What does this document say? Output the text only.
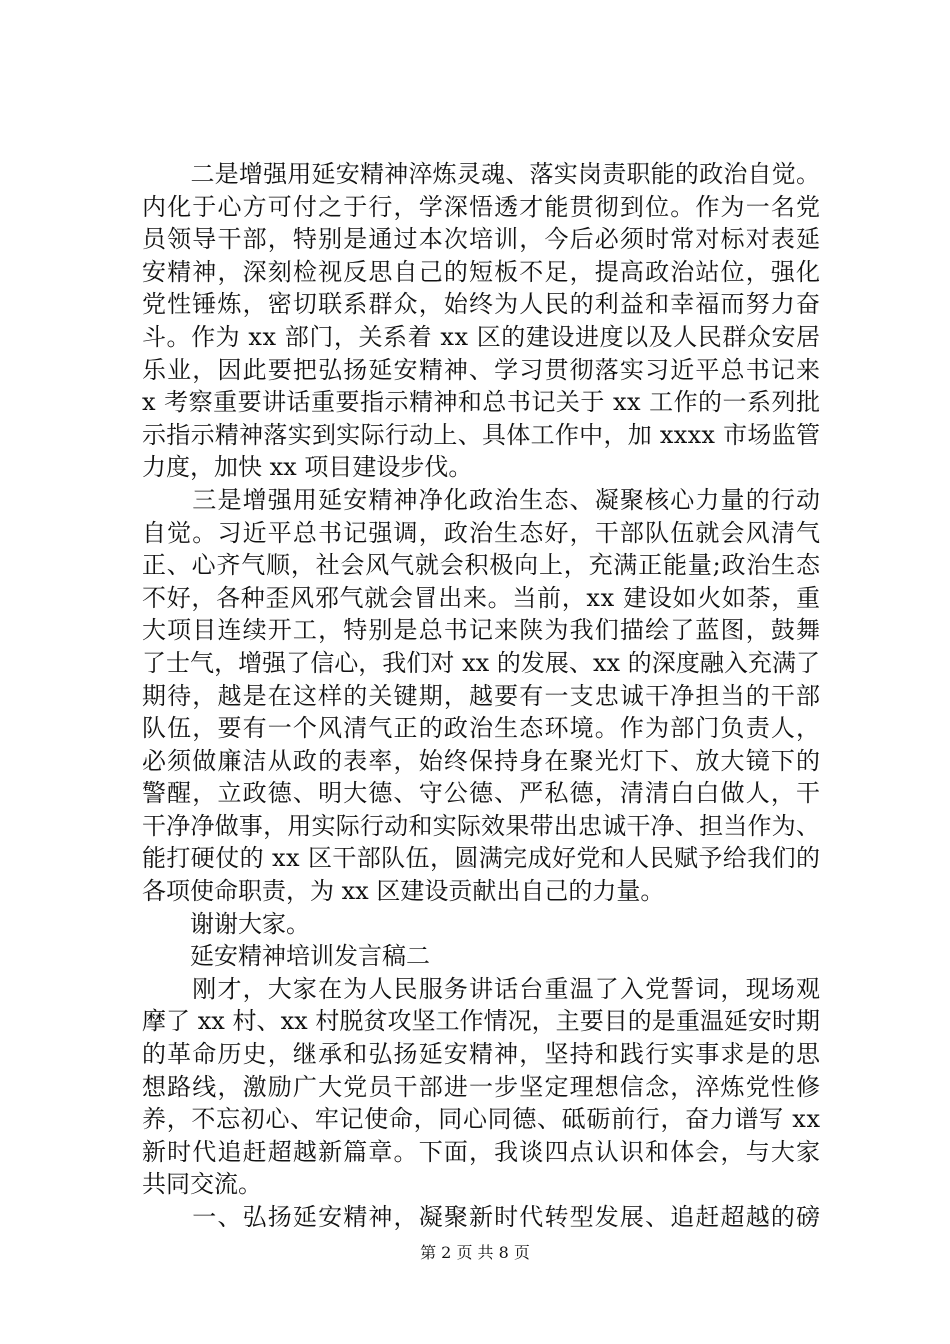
　　二是增强用延安精神淬炼灵魂、落实岗责职能的政治自觉。
内化于心方可付之于行，学深悟透才能贯彻到位。作为一名党
员领导干部，特别是通过本次培训，今后必须时常对标对表延
安精神，深刻检视反思自己的短板不足，提高政治站位，强化
党性锤炼，密切联系群众，始终为人民的利益和幸福而努力奋
斗。作为 xx 部门，关系着 xx 区的建设进度以及人民群众安居
乐业，因此要把弘扬延安精神、学习贯彻落实习近平总书记来
x 考察重要讲话重要指示精神和总书记关于 xx 工作的一系列批
示指示精神落实到实际行动上、具体工作中，加 xxxx 市场监管
力度，加快 xx 项目建设步伐。
　　三是增强用延安精神净化政治生态、凝聚核心力量的行动
自觉。习近平总书记强调，政治生态好，干部队伍就会风清气
正、心齐气顺，社会风气就会积极向上，充满正能量;政治生态
不好，各种歪风邪气就会冒出来。当前，xx 建设如火如荼，重
大项目连续开工，特别是总书记来陕为我们描绘了蓝图，鼓舞
了士气，增强了信心，我们对 xx 的发展、xx 的深度融入充满了
期待，越是在这样的关键期，越要有一支忠诚干净担当的干部
队伍，要有一个风清气正的政治生态环境。作为部门负责人，
必须做廉洁从政的表率，始终保持身在聚光灯下、放大镜下的
警醒，立政德、明大德、守公德、严私德，清清白白做人，干
干净净做事，用实际行动和实际效果带出忠诚干净、担当作为、
能打硬仗的 xx 区干部队伍，圆满完成好党和人民赋予给我们的
各项使命职责，为 xx 区建设贡献出自己的力量。
　　谢谢大家。
　　延安精神培训发言稿二
　　刚才，大家在为人民服务讲话台重温了入党誓词，现场观
摩了 xx 村、xx 村脱贫攻坚工作情况，主要目的是重温延安时期
的革命历史，继承和弘扬延安精神，坚持和践行实事求是的思
想路线，激励广大党员干部进一步坚定理想信念，淬炼党性修
养，不忘初心、牢记使命，同心同德、砥砺前行，奋力谱写 xx
新时代追赶超越新篇章。下面，我谈四点认识和体会，与大家
共同交流。
　　一、弘扬延安精神，凝聚新时代转型发展、追赶超越的磅
第 2 页 共 8 页
